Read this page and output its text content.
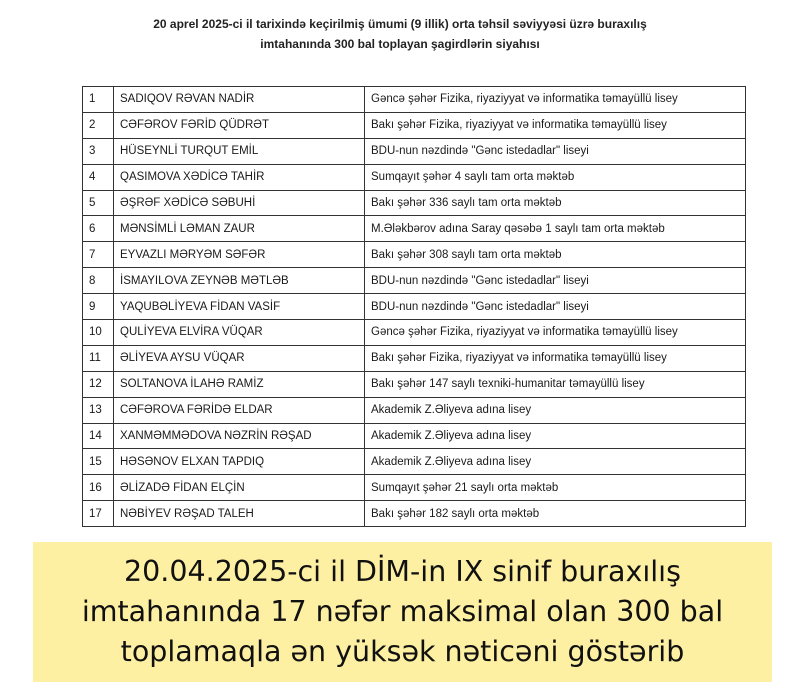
20 aprel 2025-ci il tarixində keçirilmiş ümumi (9 illik) orta təhsil səviyyəsi üzrə buraxılış
imtahanında 300 bal toplayan şagirdlərin siyahısı
1	SADIQOV RƏVAN NADİR	Gəncə şəhər Fizika, riyaziyyat və informatika təmayüllü lisey
2	CƏFƏROV FƏRİD QÜDRƏT	Bakı şəhər Fizika, riyaziyyat və informatika təmayüllü lisey
3	HÜSEYNLİ TURQUT EMİL	BDU-nun nəzdində "Gənc istedadlar" liseyi
4	QASIMOVA XƏDİCƏ TAHİR	Sumqayıt şəhər 4 saylı tam orta məktəb
5	ƏŞRƏF XƏDİCƏ SƏBUHİ	Bakı şəhər 336 saylı tam orta məktəb
6	MƏNSİMLİ LƏMAN ZAUR	M.Ələkbərov adına Saray qəsəbə 1 saylı tam orta məktəb
7	EYVAZLI MƏRYƏM SƏFƏR	Bakı şəhər 308 saylı tam orta məktəb
8	İSMAYILOVA ZEYNƏB MƏTLƏB	BDU-nun nəzdində "Gənc istedadlar" liseyi
9	YAQUBƏLİYEVA FİDAN VASİF	BDU-nun nəzdində "Gənc istedadlar" liseyi
10	QULİYEVA ELVİRA VÜQAR	Gəncə şəhər Fizika, riyaziyyat və informatika təmayüllü lisey
11	ƏLİYEVA AYSU VÜQAR	Bakı şəhər Fizika, riyaziyyat və informatika təmayüllü lisey
12	SOLTANOVA İLAHƏ RAMİZ	Bakı şəhər 147 saylı texniki-humanitar təmayüllü lisey
13	CƏFƏROVA FƏRİDƏ ELDAR	Akademik Z.Əliyeva adına lisey
14	XANMƏMMƏDOVA NƏZRİN RƏŞAD	Akademik Z.Əliyeva adına lisey
15	HƏSƏNOV ELXAN TAPDIQ	Akademik Z.Əliyeva adına lisey
16	ƏLİZADƏ FİDAN ELÇİN	Sumqayıt şəhər 21 saylı orta məktəb
17	NƏBİYEV RƏŞAD TALEH	Bakı şəhər 182 saylı orta məktəb
20.04.2025-ci il DİM-in IX sinif buraxılış
imtahanında 17 nəfər maksimal olan 300 bal
toplamaqla ən yüksək nəticəni göstərib
